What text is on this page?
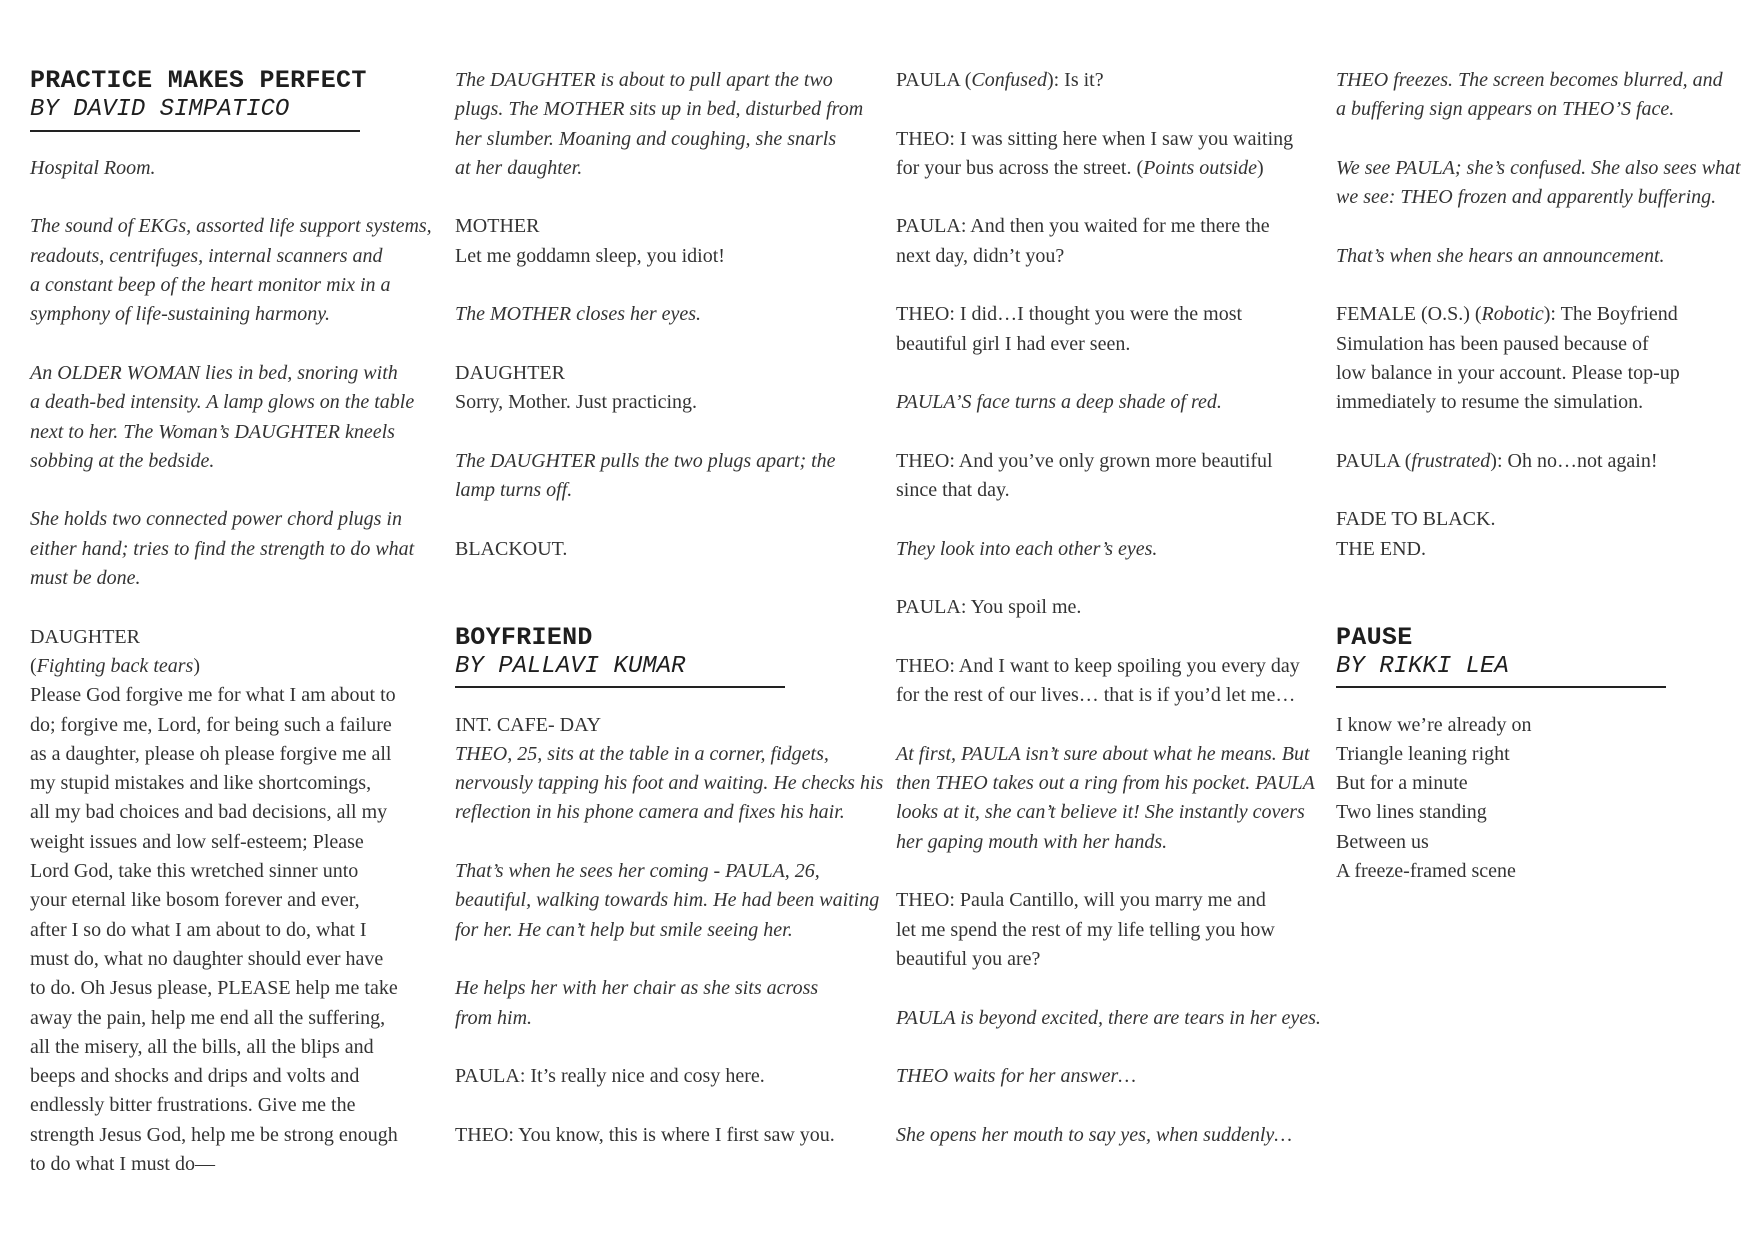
PRACTICE MAKES PERFECT
BY DAVID SIMPATICO
Hospital Room.
The sound of EKGs, assorted life support systems,
readouts, centrifuges, internal scanners and
a constant beep of the heart monitor mix in a
symphony of life-sustaining harmony.
An OLDER WOMAN lies in bed, snoring with
a death-bed intensity. A lamp glows on the table
next to her. The Woman’s DAUGHTER kneels
sobbing at the bedside.
She holds two connected power chord plugs in
either hand; tries to find the strength to do what
must be done.
DAUGHTER
(Fighting back tears)
Please God forgive me for what I am about to
do; forgive me, Lord, for being such a failure
as a daughter, please oh please forgive me all
my stupid mistakes and like shortcomings,
all my bad choices and bad decisions, all my
weight issues and low self-esteem; Please
Lord God, take this wretched sinner unto
your eternal like bosom forever and ever,
after I so do what I am about to do, what I
must do, what no daughter should ever have
to do. Oh Jesus please, PLEASE help me take
away the pain, help me end all the suffering,
all the misery, all the bills, all the blips and
beeps and shocks and drips and volts and
endlessly bitter frustrations. Give me the
strength Jesus God, help me be strong enough
to do what I must do—
The DAUGHTER is about to pull apart the two
plugs. The MOTHER sits up in bed, disturbed from
her slumber. Moaning and coughing, she snarls
at her daughter.
MOTHER
Let me goddamn sleep, you idiot!
The MOTHER closes her eyes.
DAUGHTER
Sorry, Mother. Just practicing.
The DAUGHTER pulls the two plugs apart; the
lamp turns off.
BLACKOUT.
BOYFRIEND
BY PALLAVI KUMAR
INT. CAFE- DAY
THEO, 25, sits at the table in a corner, fidgets,
nervously tapping his foot and waiting. He checks his
reflection in his phone camera and fixes his hair.
That’s when he sees her coming - PAULA, 26,
beautiful, walking towards him. He had been waiting
for her. He can’t help but smile seeing her.
He helps her with her chair as she sits across
from him.
PAULA: It’s really nice and cosy here.
THEO: You know, this is where I first saw you.
PAULA (Confused): Is it?
THEO: I was sitting here when I saw you waiting
for your bus across the street. (Points outside)
PAULA: And then you waited for me there the
next day, didn’t you?
THEO: I did…I thought you were the most
beautiful girl I had ever seen.
PAULA’S face turns a deep shade of red.
THEO: And you’ve only grown more beautiful
since that day.
They look into each other’s eyes.
PAULA: You spoil me.
THEO: And I want to keep spoiling you every day
for the rest of our lives… that is if you’d let me…
At first, PAULA isn’t sure about what he means. But
then THEO takes out a ring from his pocket. PAULA
looks at it, she can’t believe it! She instantly covers
her gaping mouth with her hands.
THEO: Paula Cantillo, will you marry me and
let me spend the rest of my life telling you how
beautiful you are?
PAULA is beyond excited, there are tears in her eyes.
THEO waits for her answer…
She opens her mouth to say yes, when suddenly…
THEO freezes. The screen becomes blurred, and
a buffering sign appears on THEO’S face.
We see PAULA; she’s confused. She also sees what
we see: THEO frozen and apparently buffering.
That’s when she hears an announcement.
FEMALE (O.S.) (Robotic): The Boyfriend
Simulation has been paused because of
low balance in your account. Please top-up
immediately to resume the simulation.
PAULA (frustrated): Oh no…not again!
FADE TO BLACK.
THE END.
PAUSE
BY RIKKI LEA
I know we’re already on
Triangle leaning right
But for a minute
Two lines standing
Between us
A freeze-framed scene
